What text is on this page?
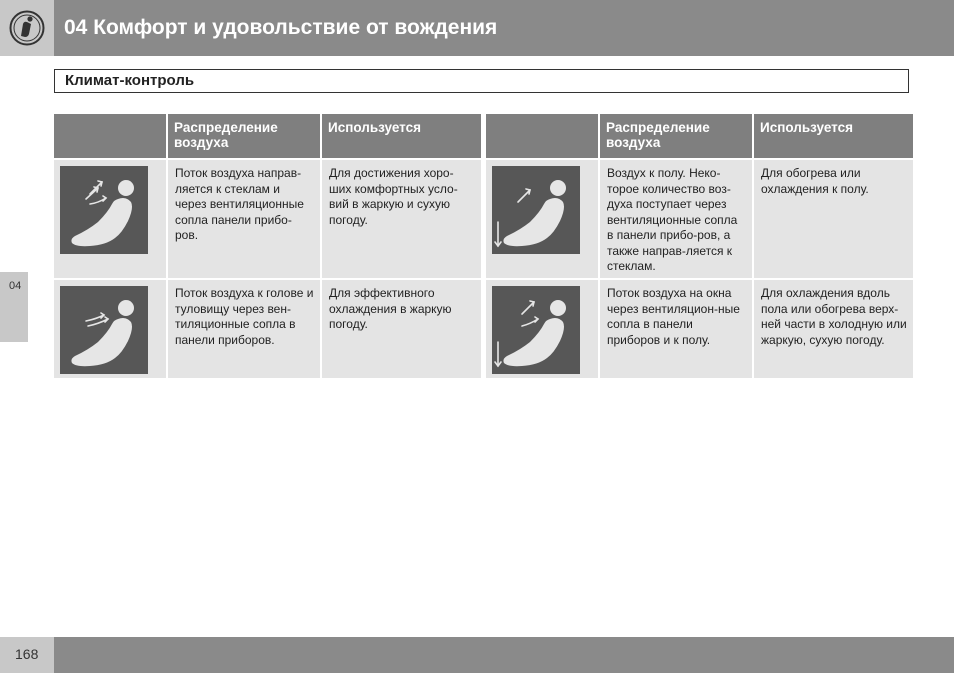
04 Комфорт и удовольствие от вождения
Климат-контроль
04
	Распределение воздуха	Используется

	Поток воздуха направ-ляется к стеклам и через вентиляционные сопла панели прибо-ров.	Для достижения хоро-ших комфортных усло-вий в жаркую и сухую погоду.

	Поток воздуха к голове и туловищу через вен-тиляционные сопла в панели приборов.	Для эффективного охлаждения в жаркую погоду.
	Распределение воздуха	Используется

	Воздух к полу. Неко-торое количество воз-духа поступает через вентиляционные сопла в панели прибо-ров, а также направ-ляется к стеклам.	Для обогрева или охлаждения к полу.

	Поток воздуха на окна через вентиляцион-ные сопла в панели приборов и к полу.	Для охлаждения вдоль пола или обогрева верх-ней части в холодную или жаркую, сухую погоду.
168
